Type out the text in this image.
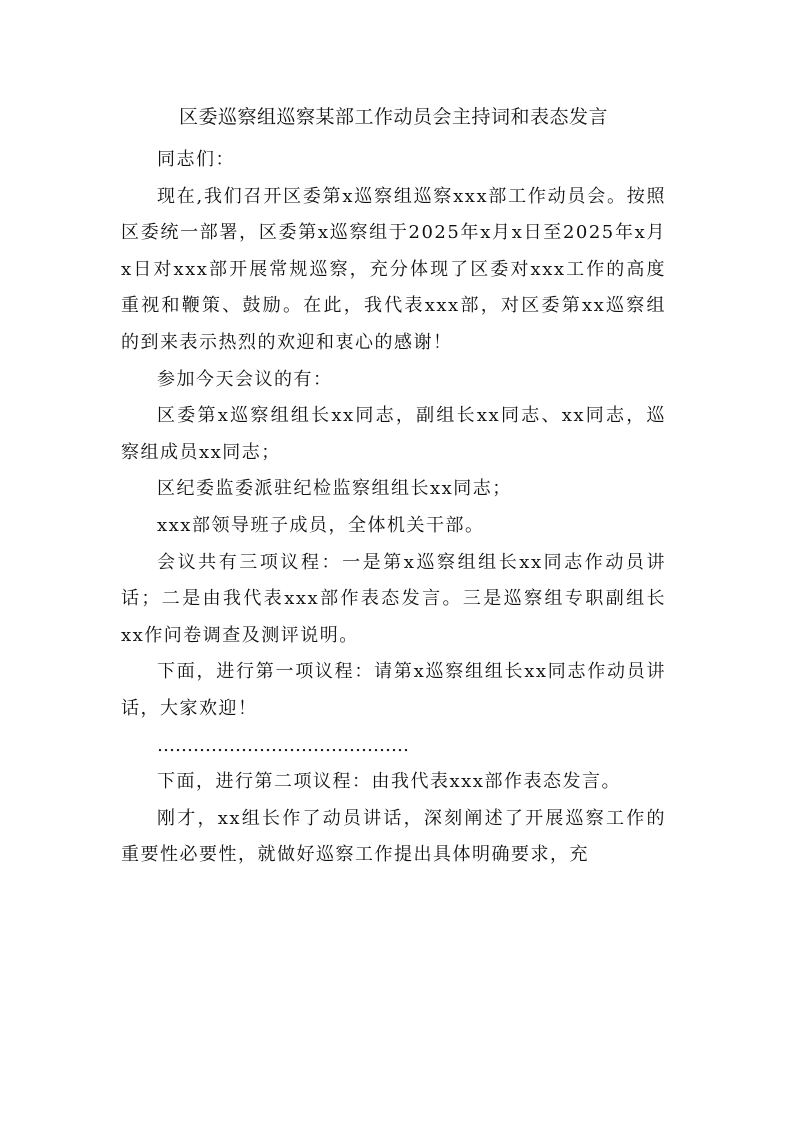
区委巡察组巡察某部工作动员会主持词和表态发言

同志们：

现在,我们召开区委第x巡察组巡察xxx部工作动员会。按照区委统一部署，区委第x巡察组于2025年x月x日至2025年x月x日对xxx部开展常规巡察，充分体现了区委对xxx工作的高度重视和鞭策、鼓励。在此，我代表xxx部，对区委第xx巡察组的到来表示热烈的欢迎和衷心的感谢！

参加今天会议的有：

区委第x巡察组组长xx同志，副组长xx同志、xx同志，巡察组成员xx同志；

区纪委监委派驻纪检监察组组长xx同志；

xxx部领导班子成员，全体机关干部。

会议共有三项议程：一是第x巡察组组长xx同志作动员讲话；二是由我代表xxx部作表态发言。三是巡察组专职副组长xx作问卷调查及测评说明。

下面，进行第一项议程：请第x巡察组组长xx同志作动员讲话，大家欢迎！

……………………………………

下面，进行第二项议程：由我代表xxx部作表态发言。

刚才，xx组长作了动员讲话，深刻阐述了开展巡察工作的重要性必要性，就做好巡察工作提出具体明确要求，充
